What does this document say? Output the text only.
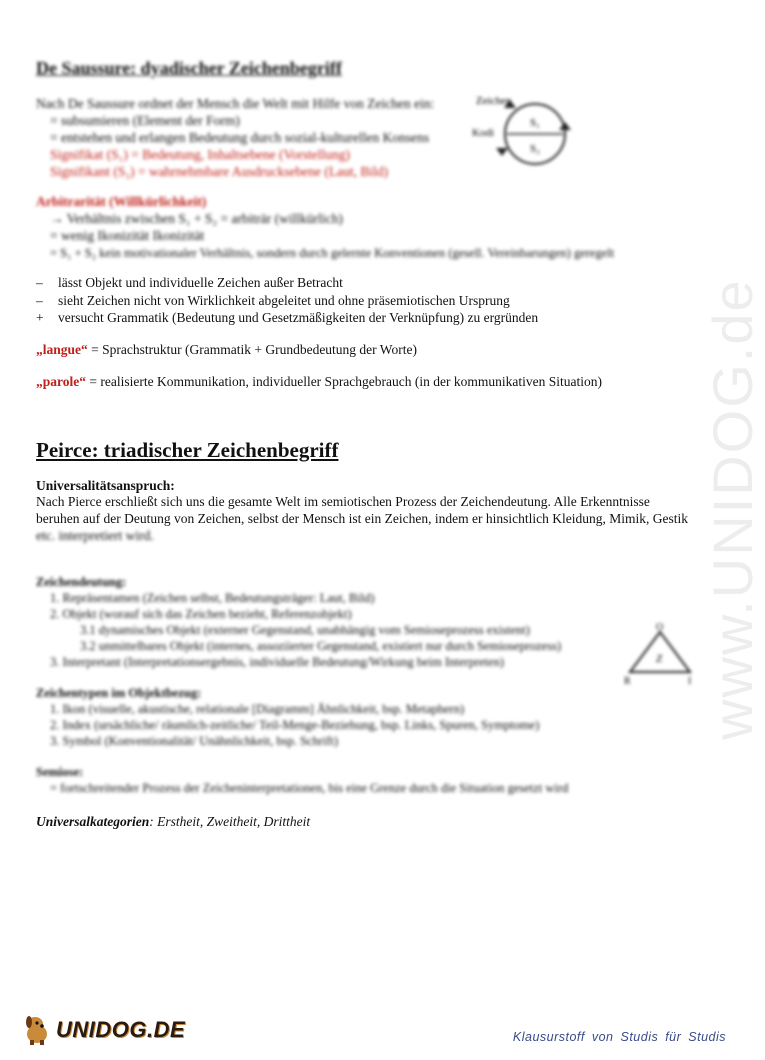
www.UNIDOG.de
De Saussure: dyadischer Zeichenbegriff
Nach De Saussure ordnet der Mensch die Welt mit Hilfe von Zeichen ein:
= subsumieren (Element der Form)
= entstehen und erlangen Bedeutung durch sozial-kulturellen Konsens
Signifikat (S₁) = Bedeutung, Inhaltsebene (Vorstellung)
Signifikant (S₂) = wahrnehmbare Ausdrucksebene (Laut, Bild)
Zeichen
Kodi
S₁
S₂
Arbitrarität (Willkürlichkeit)
→ Verhältnis zwischen S₁ + S₂ = arbiträr (willkürlich)
= wenig Ikonizität Ikonizität
= S₁ + S₂ kein motivationaler Verhältnis, sondern durch gelernte Konventionen (gesell. Vereinbarungen) geregelt
– lässt Objekt und individuelle Zeichen außer Betracht
– sieht Zeichen nicht von Wirklichkeit abgeleitet und ohne präsemiotischen Ursprung
+ versucht Grammatik (Bedeutung und Gesetzmäßigkeiten der Verknüpfung) zu ergründen
„langue“ = Sprachstruktur (Grammatik + Grundbedeutung der Worte)
„parole“ = realisierte Kommunikation, individueller Sprachgebrauch (in der kommunikativen Situation)
Peirce: triadischer Zeichenbegriff
Universalitätsanspruch:
Nach Pierce erschließt sich uns die gesamte Welt im semiotischen Prozess der Zeichendeutung. Alle Erkenntnisse
beruhen auf der Deutung von Zeichen, selbst der Mensch ist ein Zeichen, indem er hinsichtlich Kleidung, Mimik, Gestik
etc. interpretiert wird.
Zeichendeutung:
1. Repräsentamen (Zeichen selbst, Bedeutungsträger: Laut, Bild)
2. Objekt (worauf sich das Zeichen bezieht, Referenzobjekt)
3.1 dynamisches Objekt (externer Gegenstand, unabhängig vom Semioseprozess existent)
3.2 unmittelbares Objekt (internes, assoziierter Gegenstand, existiert nur durch Semioseprozess)
3. Interpretant (Interpretationsergebnis, individuelle Bedeutung/Wirkung beim Interpreten)
O
Z
R	I
Zeichentypen im Objektbezug:
1. Ikon (visuelle, akustische, relationale [Diagramm] Ähnlichkeit, bsp. Metaphern)
2. Index (ursächliche/ räumlich-zeitliche/ Teil-Menge-Beziehung, bsp. Links, Spuren, Symptome)
3. Symbol (Konventionalität/ Unähnlichkeit, bsp. Schrift)
Semiose:
= fortschreitender Prozess der Zeicheninterpretationen, bis eine Grenze durch die Situation gesetzt wird
Universalkategorien: Erstheit, Zweitheit, Drittheit
UNIDOG.DE	Klausurstoff von Studis für Studis
